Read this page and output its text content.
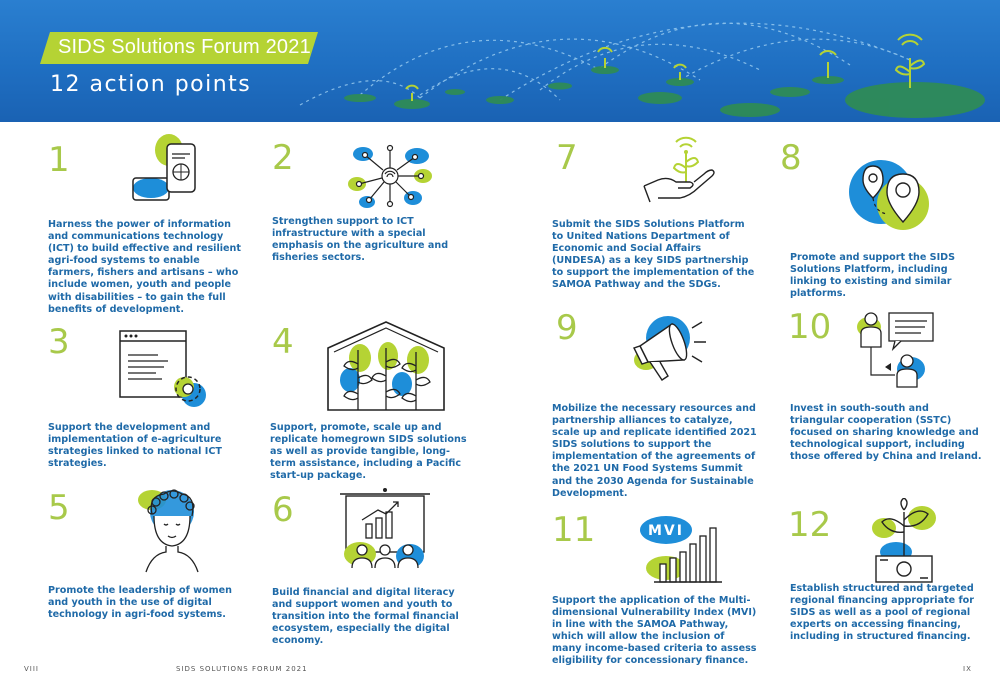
SIDS Solutions Forum 2021
12 action points
1
Harness the power of information and communications technology (ICT) to build effective and resilient agri-food systems to enable farmers, fishers and artisans – who include women, youth and people with disabilities – to gain the full benefits of development.
2
Strengthen support to ICT infrastructure with a special emphasis on the agriculture and fisheries sectors.
3
Support the development and implementation of e-agriculture strategies linked to national ICT strategies.
4
Support, promote, scale up and replicate homegrown SIDS solutions as well as provide tangible, long-term assistance, including a Pacific start-up package.
5
Promote the leadership of women and youth in the use of digital technology in agri-food systems.
6
Build financial and digital literacy and support women and youth to transition into the formal financial ecosystem, especially the digital economy.
7
Submit the SIDS Solutions Platform to United Nations Department of Economic and Social Affairs (UNDESA) as a key SIDS partnership to support the implementation of the SAMOA Pathway and the SDGs.
8
Promote and support the SIDS Solutions Platform, including linking to existing and similar platforms.
9
Mobilize the necessary resources and partnership alliances to catalyze, scale up and replicate identified 2021 SIDS solutions to support the implementation of the agreements of the 2021 UN Food Systems Summit and the 2030 Agenda for Sustainable Development.
10
Invest in south-south and triangular cooperation (SSTC) focused on sharing knowledge and technological support, including those offered by China and Ireland.
11	MVI
Support the application of the Multidimensional Vulnerability Index (MVI) in line with the SAMOA Pathway, which will allow the inclusion of many income-based criteria to assess eligibility for concessionary finance.
12
Establish structured and targeted regional financing appropriate for SIDS as well as a pool of regional experts on accessing financing, including in structured financing.
VIII	SIDS SOLUTIONS FORUM 2021	IX
